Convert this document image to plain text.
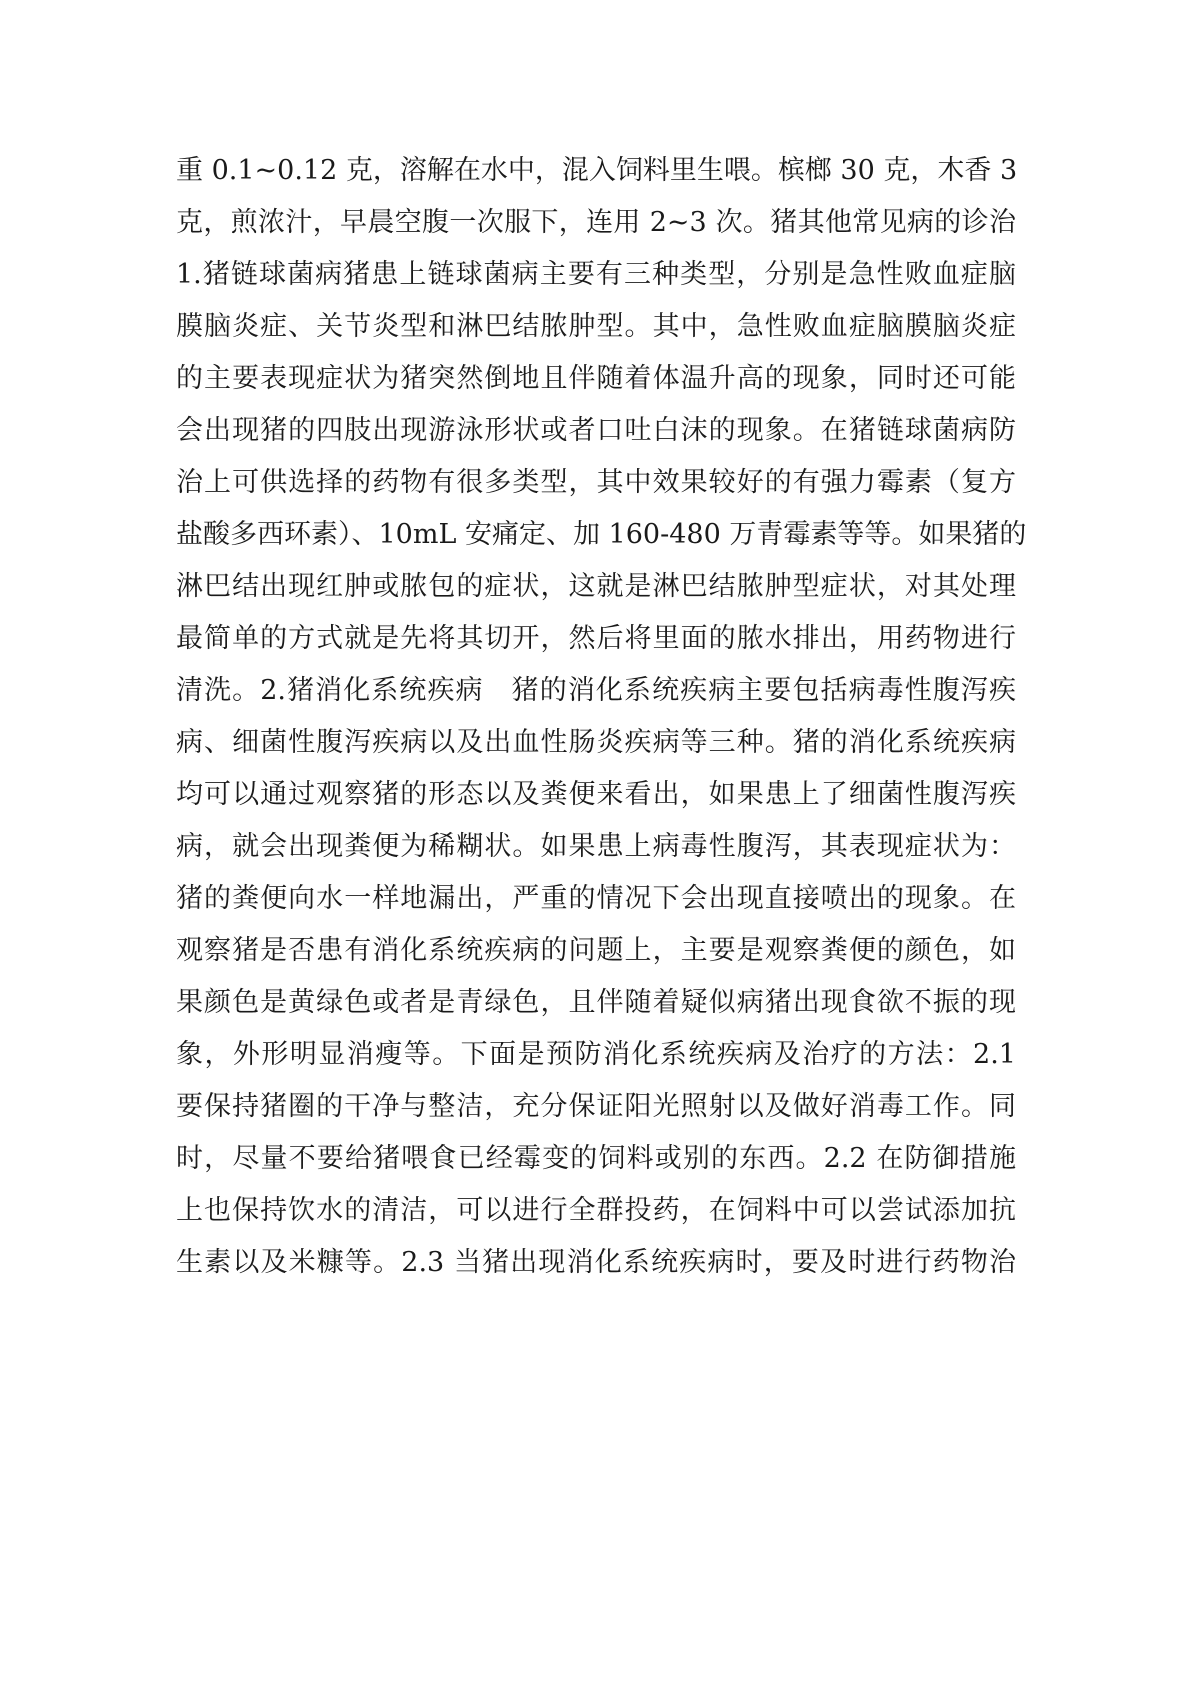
重 0.1~0.12 克，溶解在水中，混入饲料里生喂。槟榔 30 克，木香 3
克，煎浓汁，早晨空腹一次服下，连用 2~3 次。猪其他常见病的诊治
1.猪链球菌病猪患上链球菌病主要有三种类型，分别是急性败血症脑
膜脑炎症、关节炎型和淋巴结脓肿型。其中，急性败血症脑膜脑炎症
的主要表现症状为猪突然倒地且伴随着体温升高的现象，同时还可能
会出现猪的四肢出现游泳形状或者口吐白沫的现象。在猪链球菌病防
治上可供选择的药物有很多类型，其中效果较好的有强力霉素（复方
盐酸多西环素）、10mL 安痛定、加 160-480 万青霉素等等。如果猪的
淋巴结出现红肿或脓包的症状，这就是淋巴结脓肿型症状，对其处理
最简单的方式就是先将其切开，然后将里面的脓水排出，用药物进行
清洗。2.猪消化系统疾病　猪的消化系统疾病主要包括病毒性腹泻疾
病、细菌性腹泻疾病以及出血性肠炎疾病等三种。猪的消化系统疾病
均可以通过观察猪的形态以及粪便来看出，如果患上了细菌性腹泻疾
病，就会出现粪便为稀糊状。如果患上病毒性腹泻，其表现症状为：
猪的粪便向水一样地漏出，严重的情况下会出现直接喷出的现象。在
观察猪是否患有消化系统疾病的问题上，主要是观察粪便的颜色，如
果颜色是黄绿色或者是青绿色，且伴随着疑似病猪出现食欲不振的现
象，外形明显消瘦等。下面是预防消化系统疾病及治疗的方法：2.1
要保持猪圈的干净与整洁，充分保证阳光照射以及做好消毒工作。同
时，尽量不要给猪喂食已经霉变的饲料或别的东西。2.2 在防御措施
上也保持饮水的清洁，可以进行全群投药，在饲料中可以尝试添加抗
生素以及米糠等。2.3 当猪出现消化系统疾病时，要及时进行药物治
